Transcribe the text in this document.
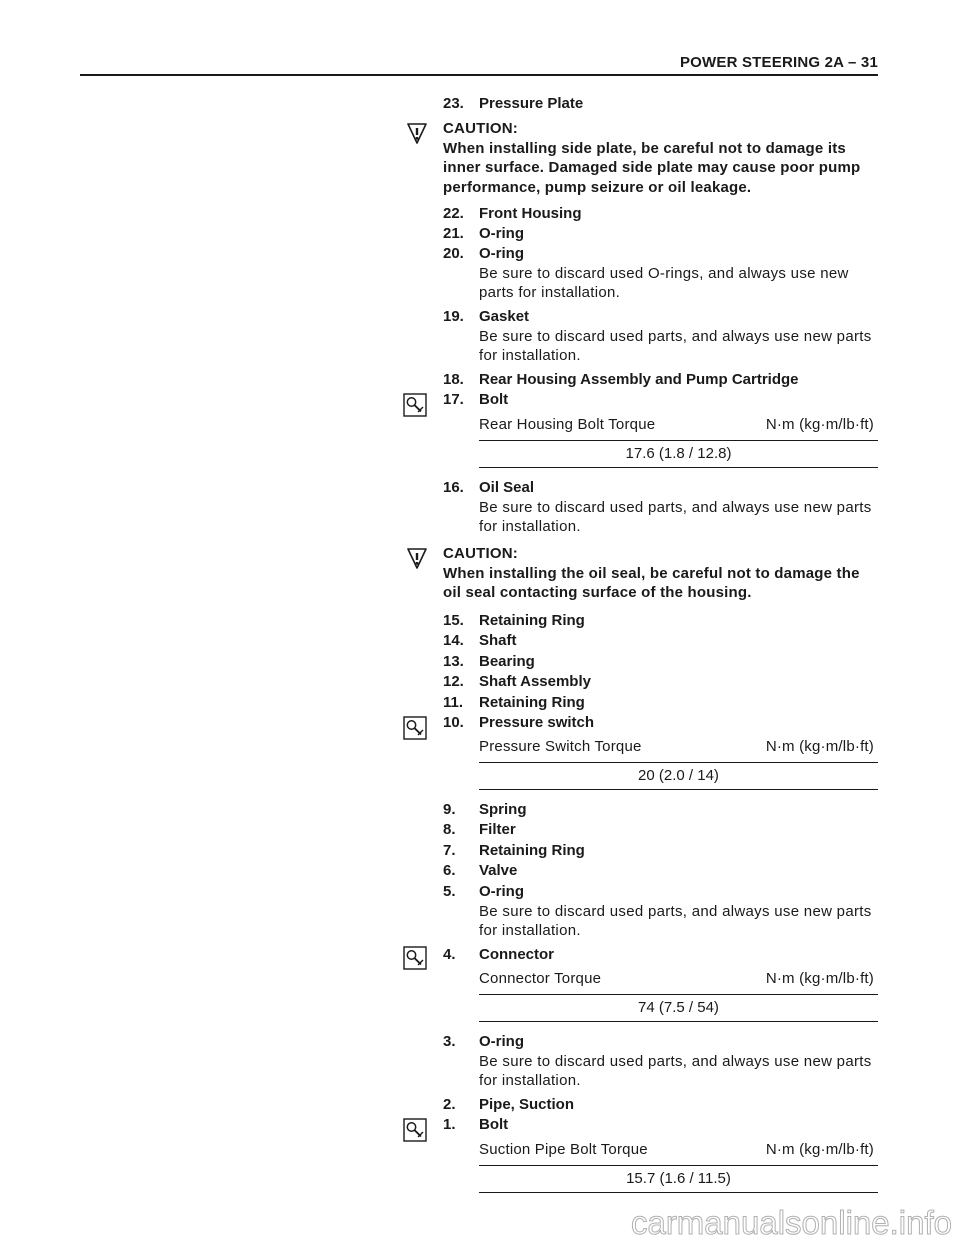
POWER STEERING 2A – 31
23. Pressure Plate
CAUTION:
When installing side plate, be careful not to damage its inner surface. Damaged side plate may cause poor pump performance, pump seizure or oil leakage.
22. Front Housing
21. O-ring
20. O-ring
Be sure to discard used O-rings, and always use new parts for installation.
19. Gasket
Be sure to discard used parts, and always use new parts for installation.
18. Rear Housing Assembly and Pump Cartridge
17. Bolt
Rear Housing Bolt Torque	N·m (kg·m/lb·ft)
17.6 (1.8 / 12.8)
16. Oil Seal
Be sure to discard used parts, and always use new parts for installation.
CAUTION:
When installing the oil seal, be careful not to damage the oil seal contacting surface of the housing.
15. Retaining Ring
14. Shaft
13. Bearing
12. Shaft Assembly
11. Retaining Ring
10. Pressure switch
Pressure Switch Torque	N·m (kg·m/lb·ft)
20 (2.0 / 14)
9. Spring
8. Filter
7. Retaining Ring
6. Valve
5. O-ring
Be sure to discard used parts, and always use new parts for installation.
4. Connector
Connector Torque	N·m (kg·m/lb·ft)
74 (7.5 / 54)
3. O-ring
Be sure to discard used parts, and always use new parts for installation.
2. Pipe, Suction
1. Bolt
Suction Pipe Bolt Torque	N·m (kg·m/lb·ft)
15.7 (1.6 / 11.5)
carmanualsonline.info
